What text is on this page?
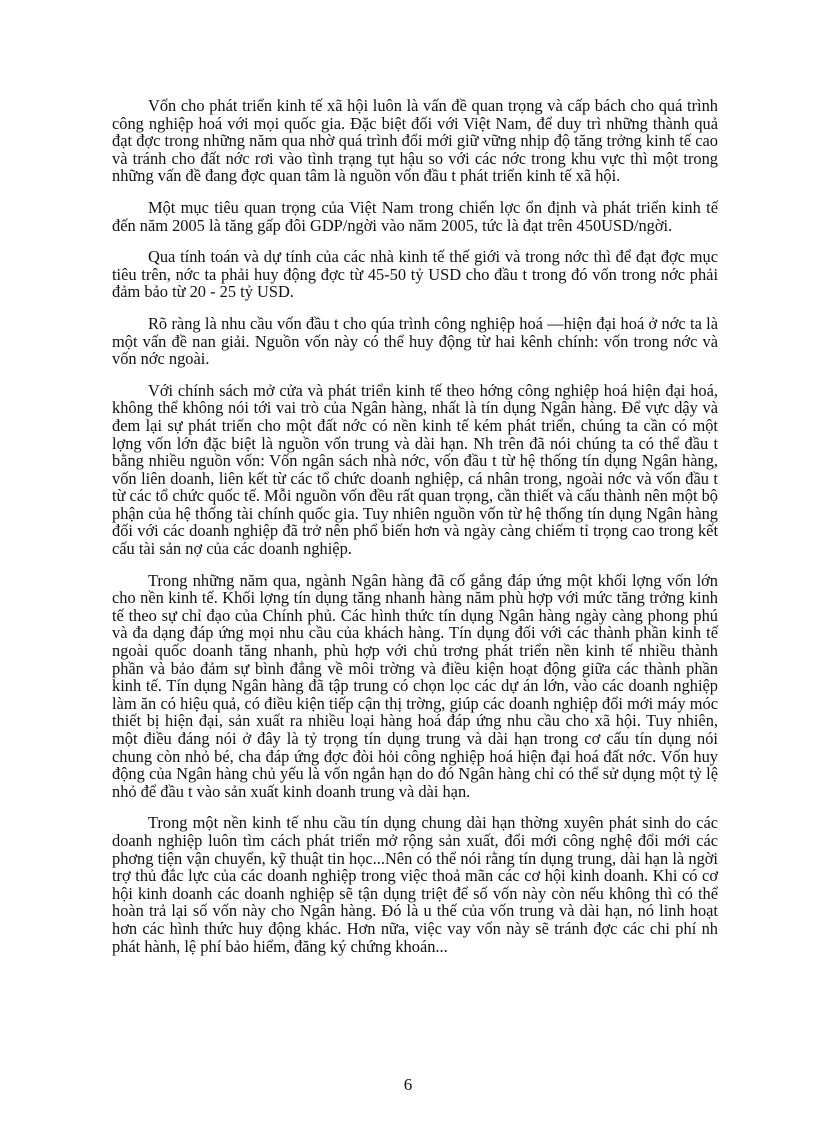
Vốn cho phát triển kinh tế xã hội luôn là vấn đề quan trọng và cấp bách cho quá trình công nghiệp hoá với mọi quốc gia. Đặc biệt đối với Việt Nam, để duy trì những thành quả đạt đợc trong những năm qua nhờ quá trình đổi mới giữ vững nhịp độ tăng trởng kinh tế cao và tránh cho đất nớc rơi vào tình trạng tụt hậu so với các nớc trong khu vực thì một trong những vấn đề đang đợc quan tâm là nguồn vốn đầu t phát triển kinh tế xã hội.

Một mục tiêu quan trọng của Việt Nam trong chiến lợc ổn định và phát triển kinh tế đến năm 2005 là tăng gấp đôi GDP/ngời vào năm 2005, tức là đạt trên 450USD/ngời.

Qua tính toán và dự tính của các nhà kinh tế thế giới và trong nớc thì để đạt đợc mục tiêu trên, nớc ta phải huy động đợc từ 45-50 tỷ USD cho đầu t trong đó vốn trong nớc phải đảm bảo từ 20 - 25 tỷ USD.

Rõ ràng là nhu cầu vốn đầu t cho qúa trình công nghiệp hoá —hiện đại hoá ở nớc ta là một vấn đề nan giải. Nguồn vốn này có thể huy động từ hai kênh chính: vốn trong nớc và vốn nớc ngoài.

Với chính sách mở cửa và phát triển kinh tế theo hớng công nghiệp hoá hiện đại hoá, không thể không nói tới vai trò của Ngân hàng, nhất là tín dụng Ngân hàng. Để vực dậy và đem lại sự phát triển cho một đất nớc có nền kinh tế kém phát triển, chúng ta cần có một lợng vốn lớn đặc biệt là nguồn vốn trung và dài hạn. Nh trên đã nói chúng ta có thể đầu t bằng nhiều nguồn vốn: Vốn ngân sách nhà nớc, vốn đầu t từ hệ thống tín dụng Ngân hàng, vốn liên doanh, liên kết từ các tổ chức doanh nghiệp, cá nhân trong, ngoài nớc và vốn đầu t từ các tổ chức quốc tế. Mỗi nguồn vốn đều rất quan trọng, cần thiết và cấu thành nên một bộ phận của hệ thống tài chính quốc gia. Tuy nhiên nguồn vốn từ hệ thống tín dụng Ngân hàng đối với các doanh nghiệp đã trở nên phổ biến hơn và ngày càng chiếm tỉ trọng cao trong kết cấu tài sản nợ của các doanh nghiệp.

Trong những năm qua, ngành Ngân hàng đã cố gắng đáp ứng một khối lợng vốn lớn cho nền kinh tế. Khối lợng tín dụng tăng nhanh hàng năm phù hợp với mức tăng trởng kinh tế theo sự chỉ đạo của Chính phủ. Các hình thức tín dụng Ngân hàng ngày càng phong phú và đa dạng đáp ứng mọi nhu cầu của khách hàng. Tín dụng đối với các thành phần kinh tế ngoài quốc doanh tăng nhanh, phù hợp với chủ trơng phát triển nền kinh tế nhiều thành phần và bảo đảm sự bình đẳng về môi trờng và điều kiện hoạt động giữa các thành phần kinh tế. Tín dụng Ngân hàng đã tập trung có chọn lọc các dự án lớn, vào các doanh nghiệp làm ăn có hiệu quả, có điều kiện tiếp cận thị trờng, giúp các doanh nghiệp đổi mới máy móc thiết bị hiện đại, sản xuất ra nhiều loại hàng hoá đáp ứng nhu cầu cho xã hội. Tuy nhiên, một điều đáng nói ở đây là tỷ trọng tín dụng trung và dài hạn trong cơ cấu tín dụng nói chung còn nhỏ bé, cha đáp ứng đợc đòi hỏi công nghiệp hoá hiện đại hoá đất nớc. Vốn huy động của Ngân hàng chủ yếu là vốn ngắn hạn do đó Ngân hàng chỉ có thể sử dụng một tỷ lệ nhỏ để đầu t vào sản xuất kinh doanh trung và dài hạn.

Trong một nền kinh tế nhu cầu tín dụng chung dài hạn thờng xuyên phát sinh do các doanh nghiệp luôn tìm cách phát triển mở rộng sản xuất, đổi mới công nghệ đổi mới các phơng tiện vận chuyển, kỹ thuật tin học...Nên có thể nói rằng tín dụng trung, dài hạn là ngời trợ thủ đắc lực của các doanh nghiệp trong việc thoả mãn các cơ hội kinh doanh. Khi có cơ hội kinh doanh các doanh nghiệp sẽ tận dụng triệt để số vốn này còn nếu không thì có thể hoàn trả lại số vốn này cho Ngân hàng. Đó là u thế của vốn trung và dài hạn, nó linh hoạt hơn các hình thức huy động khác. Hơn nữa, việc vay vốn này sẽ tránh đợc các chi phí nh phát hành, lệ phí bảo hiểm, đăng ký chứng khoán...

6
